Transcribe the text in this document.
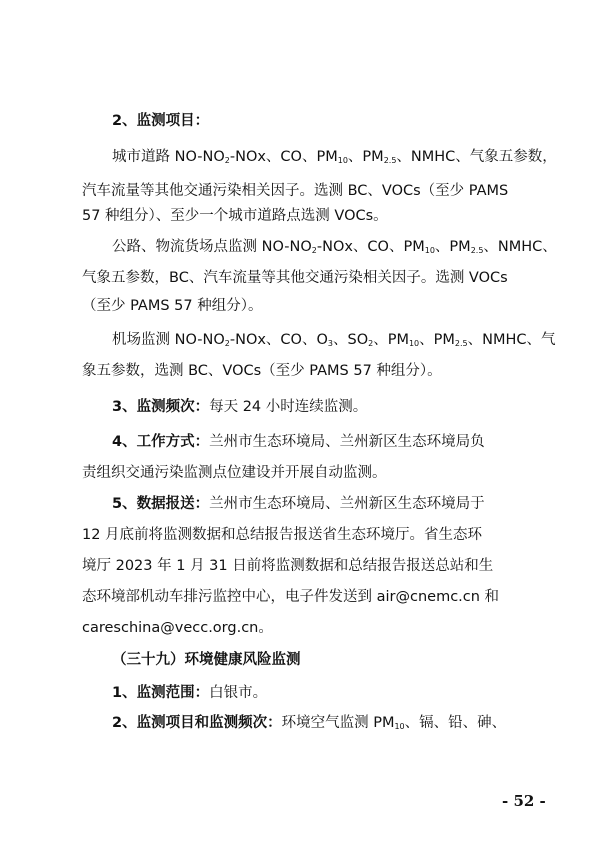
2、监测项目：
城市道路 $NO-NO_2$-NOx、CO、$PM_{10}$、$PM_{2.5}$、NMHC、气象五参数，
汽车流量等其他交通污染相关因子。选测 BC、VOCs（至少 PAMS
57 种组分）、至少一个城市道路点选测 VOCs。
公路、物流货场点监测 $NO-NO_2$-NOx、CO、$PM_{10}$、$PM_{2.5}$、NMHC、
气象五参数，BC、汽车流量等其他交通污染相关因子。选测 VOCs
（至少 PAMS 57 种组分）。
机场监测 $NO-NO_2$-NOx、CO、$O_3$、$SO_2$、$PM_{10}$、$PM_{2.5}$、NMHC、气
象五参数，选测 BC、VOCs（至少 PAMS 57 种组分）。
3、监测频次：每天 24 小时连续监测。
4、工作方式：兰州市生态环境局、兰州新区生态环境局负
责组织交通污染监测点位建设并开展自动监测。
5、数据报送：兰州市生态环境局、兰州新区生态环境局于
12 月底前将监测数据和总结报告报送省生态环境厅。省生态环
境厅 2023 年 1 月 31 日前将监测数据和总结报告报送总站和生
态环境部机动车排污监控中心，电子件发送到 air@cnemc.cn 和
careschina@vecc.org.cn。
（三十九）环境健康风险监测
1、监测范围：白银市。
2、监测项目和监测频次：环境空气监测 $PM_{10}$、镉、铅、砷、
- 52 -
